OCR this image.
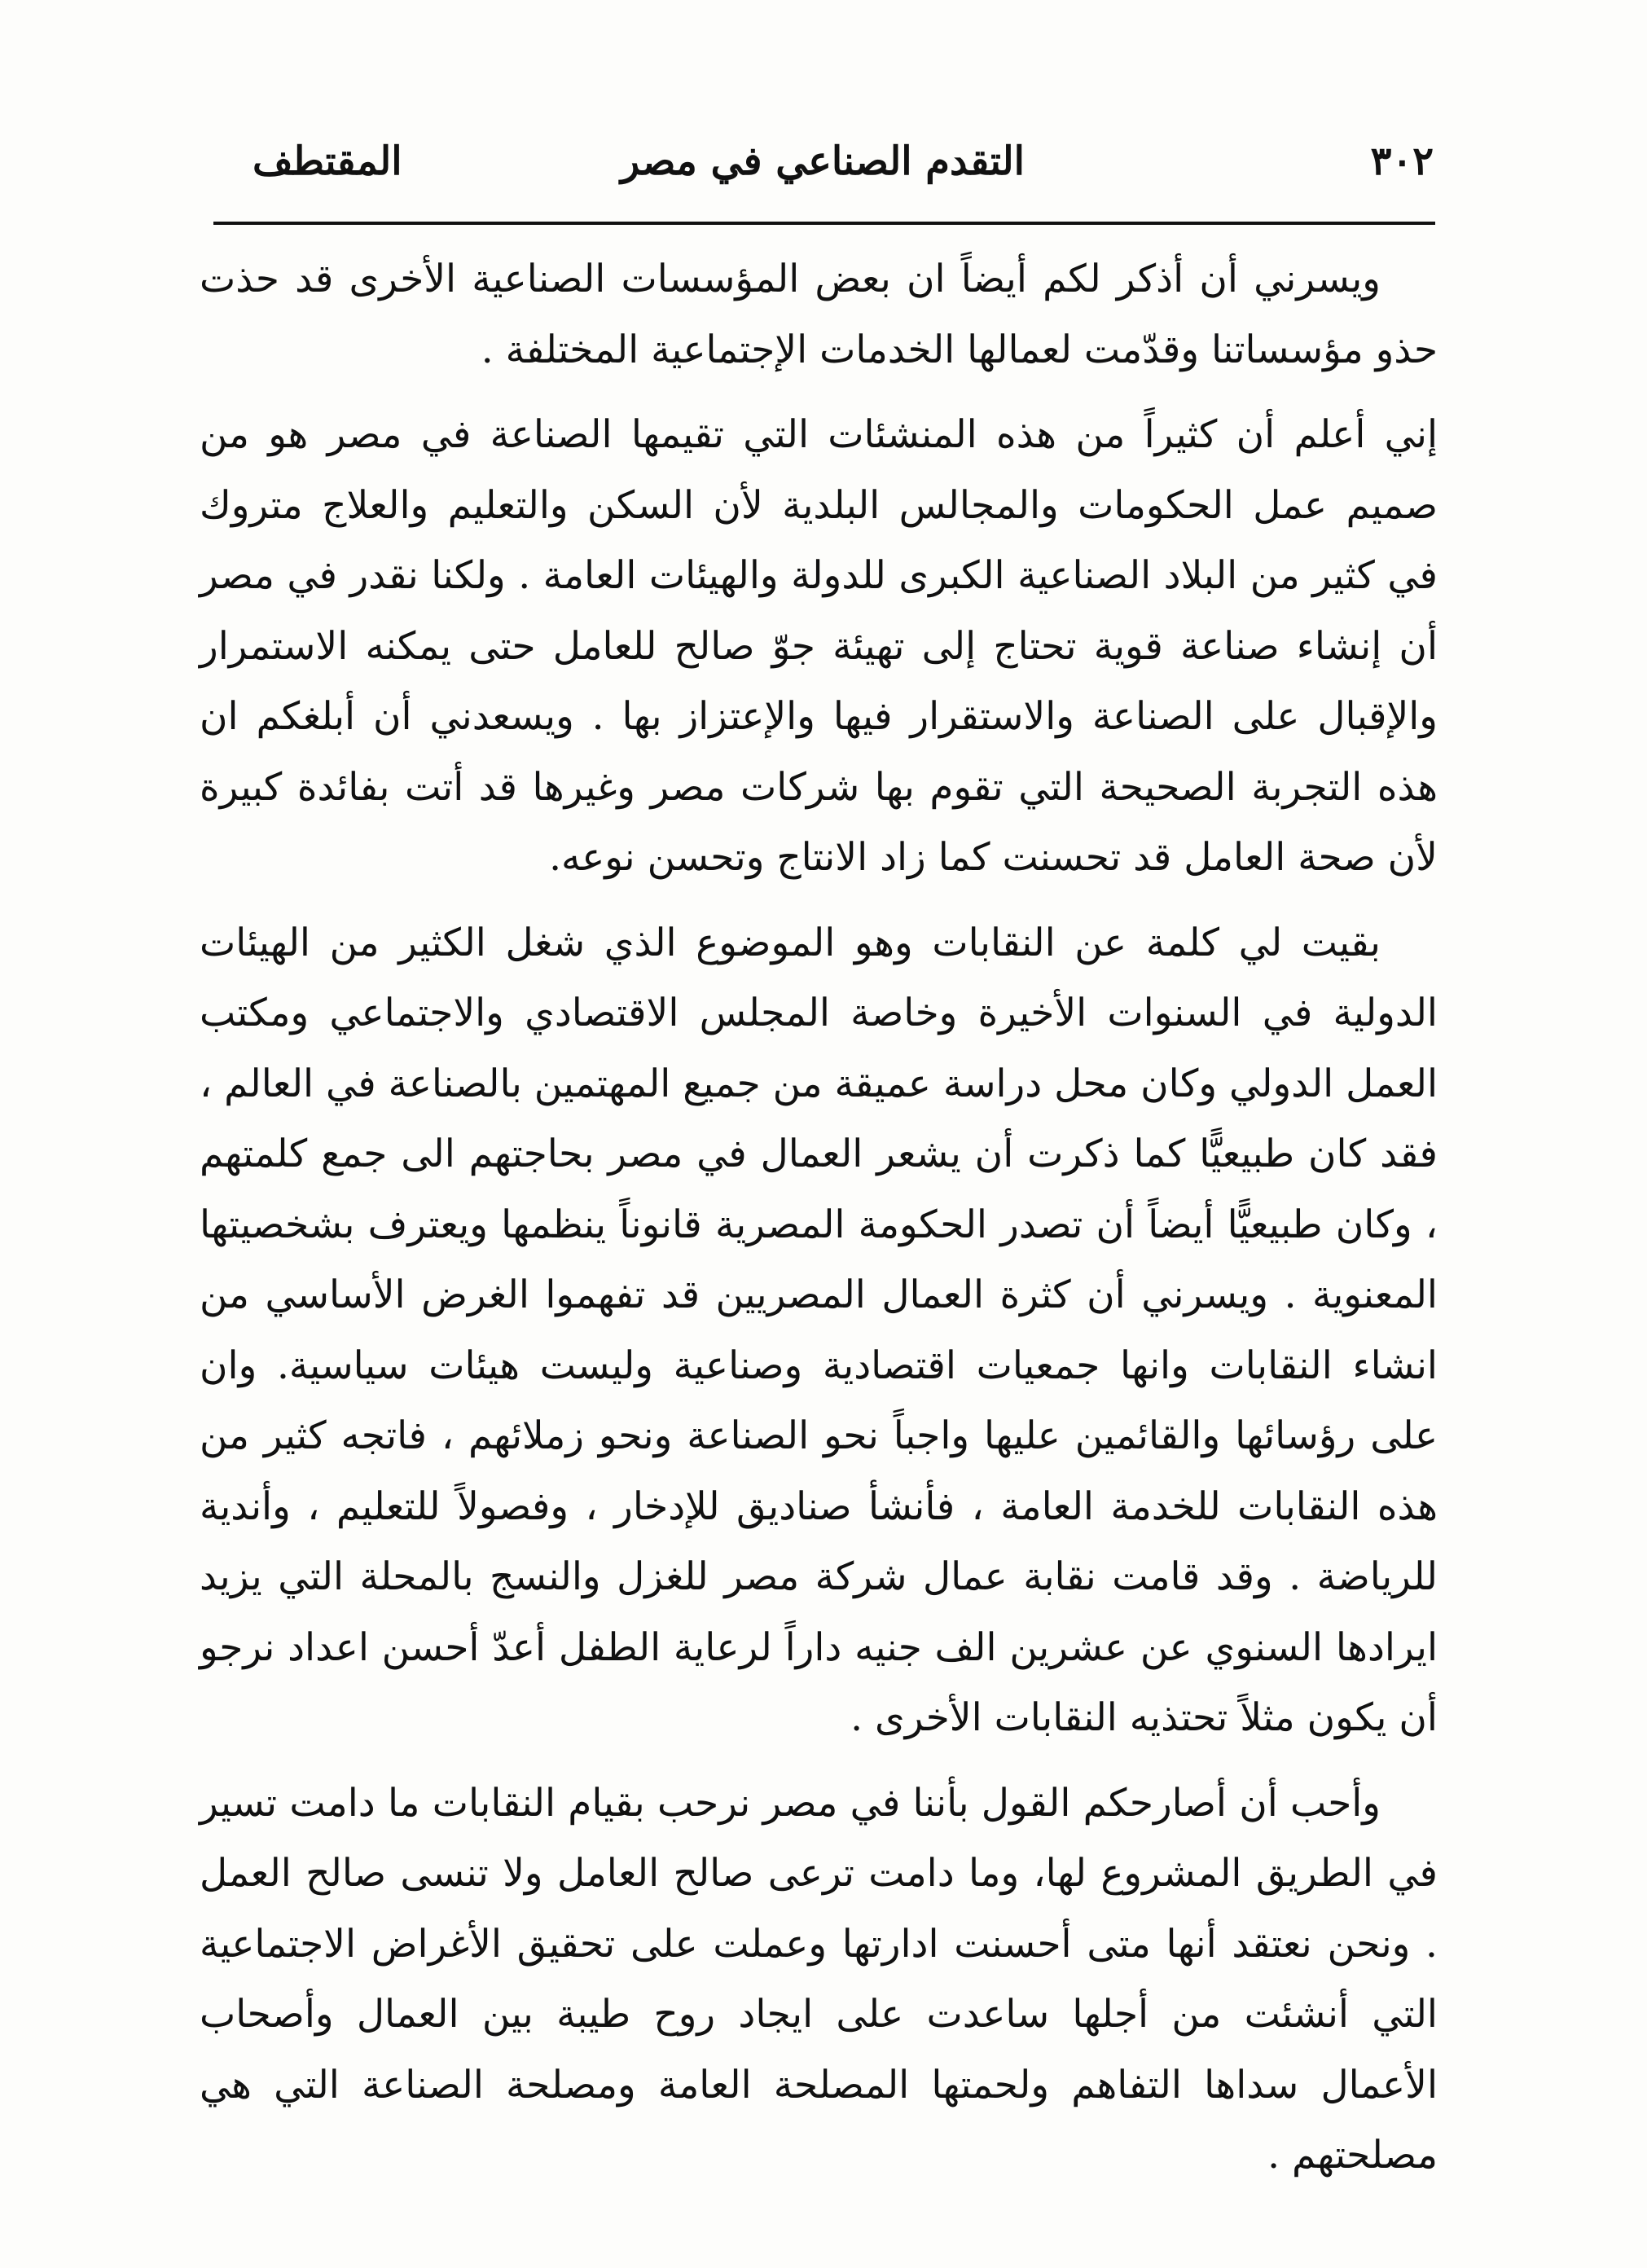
٣٠٢
التقدم الصناعي في مصر
المقتطف

ويسرني أن أذكر لكم أيضاً ان بعض المؤسسات الصناعية الأخرى قد حذت حذو مؤسساتنا وقدّمت لعمالها الخدمات الإجتماعية المختلفة .

إني أعلم أن كثيراً من هذه المنشئات التي تقيمها الصناعة في مصر هو من صميم عمل الحكومات والمجالس البلدية لأن السكن والتعليم والعلاج متروك في كثير من البلاد الصناعية الكبرى للدولة والهيئات العامة . ولكنا نقدر في مصر أن إنشاء صناعة قوية تحتاج إلى تهيئة جوّ صالح للعامل حتى يمكنه الاستمرار والإقبال على الصناعة والاستقرار فيها والإعتزاز بها . ويسعدني أن أبلغكم ان هذه التجربة الصحيحة التي تقوم بها شركات مصر وغيرها قد أتت بفائدة كبيرة لأن صحة العامل قد تحسنت كما زاد الانتاج وتحسن نوعه.

بقيت لي كلمة عن النقابات وهو الموضوع الذي شغل الكثير من الهيئات الدولية في السنوات الأخيرة وخاصة المجلس الاقتصادي والاجتماعي ومكتب العمل الدولي وكان محل دراسة عميقة من جميع المهتمين بالصناعة في العالم ، فقد كان طبيعيًّا كما ذكرت أن يشعر العمال في مصر بحاجتهم الى جمع كلمتهم ، وكان طبيعيًّا أيضاً أن تصدر الحكومة المصرية قانوناً ينظمها ويعترف بشخصيتها المعنوية . ويسرني أن كثرة العمال المصريين قد تفهموا الغرض الأساسي من انشاء النقابات وانها جمعيات اقتصادية وصناعية وليست هيئات سياسية. وان على رؤسائها والقائمين عليها واجباً نحو الصناعة ونحو زملائهم ، فاتجه كثير من هذه النقابات للخدمة العامة ، فأنشأ صناديق للإدخار ، وفصولاً للتعليم ، وأندية للرياضة . وقد قامت نقابة عمال شركة مصر للغزل والنسج بالمحلة التي يزيد ايرادها السنوي عن عشرين الف جنيه داراً لرعاية الطفل أعدّ أحسن اعداد نرجو أن يكون مثلاً تحتذيه النقابات الأخرى .

وأحب أن أصارحكم القول بأننا في مصر نرحب بقيام النقابات ما دامت تسير في الطريق المشروع لها، وما دامت ترعى صالح العامل ولا تنسى صالح العمل . ونحن نعتقد أنها متى أحسنت ادارتها وعملت على تحقيق الأغراض الاجتماعية التي أنشئت من أجلها ساعدت على ايجاد روح طيبة بين العمال وأصحاب الأعمال سداها التفاهم ولحمتها المصلحة العامة ومصلحة الصناعة التي هي مصلحتهم .
